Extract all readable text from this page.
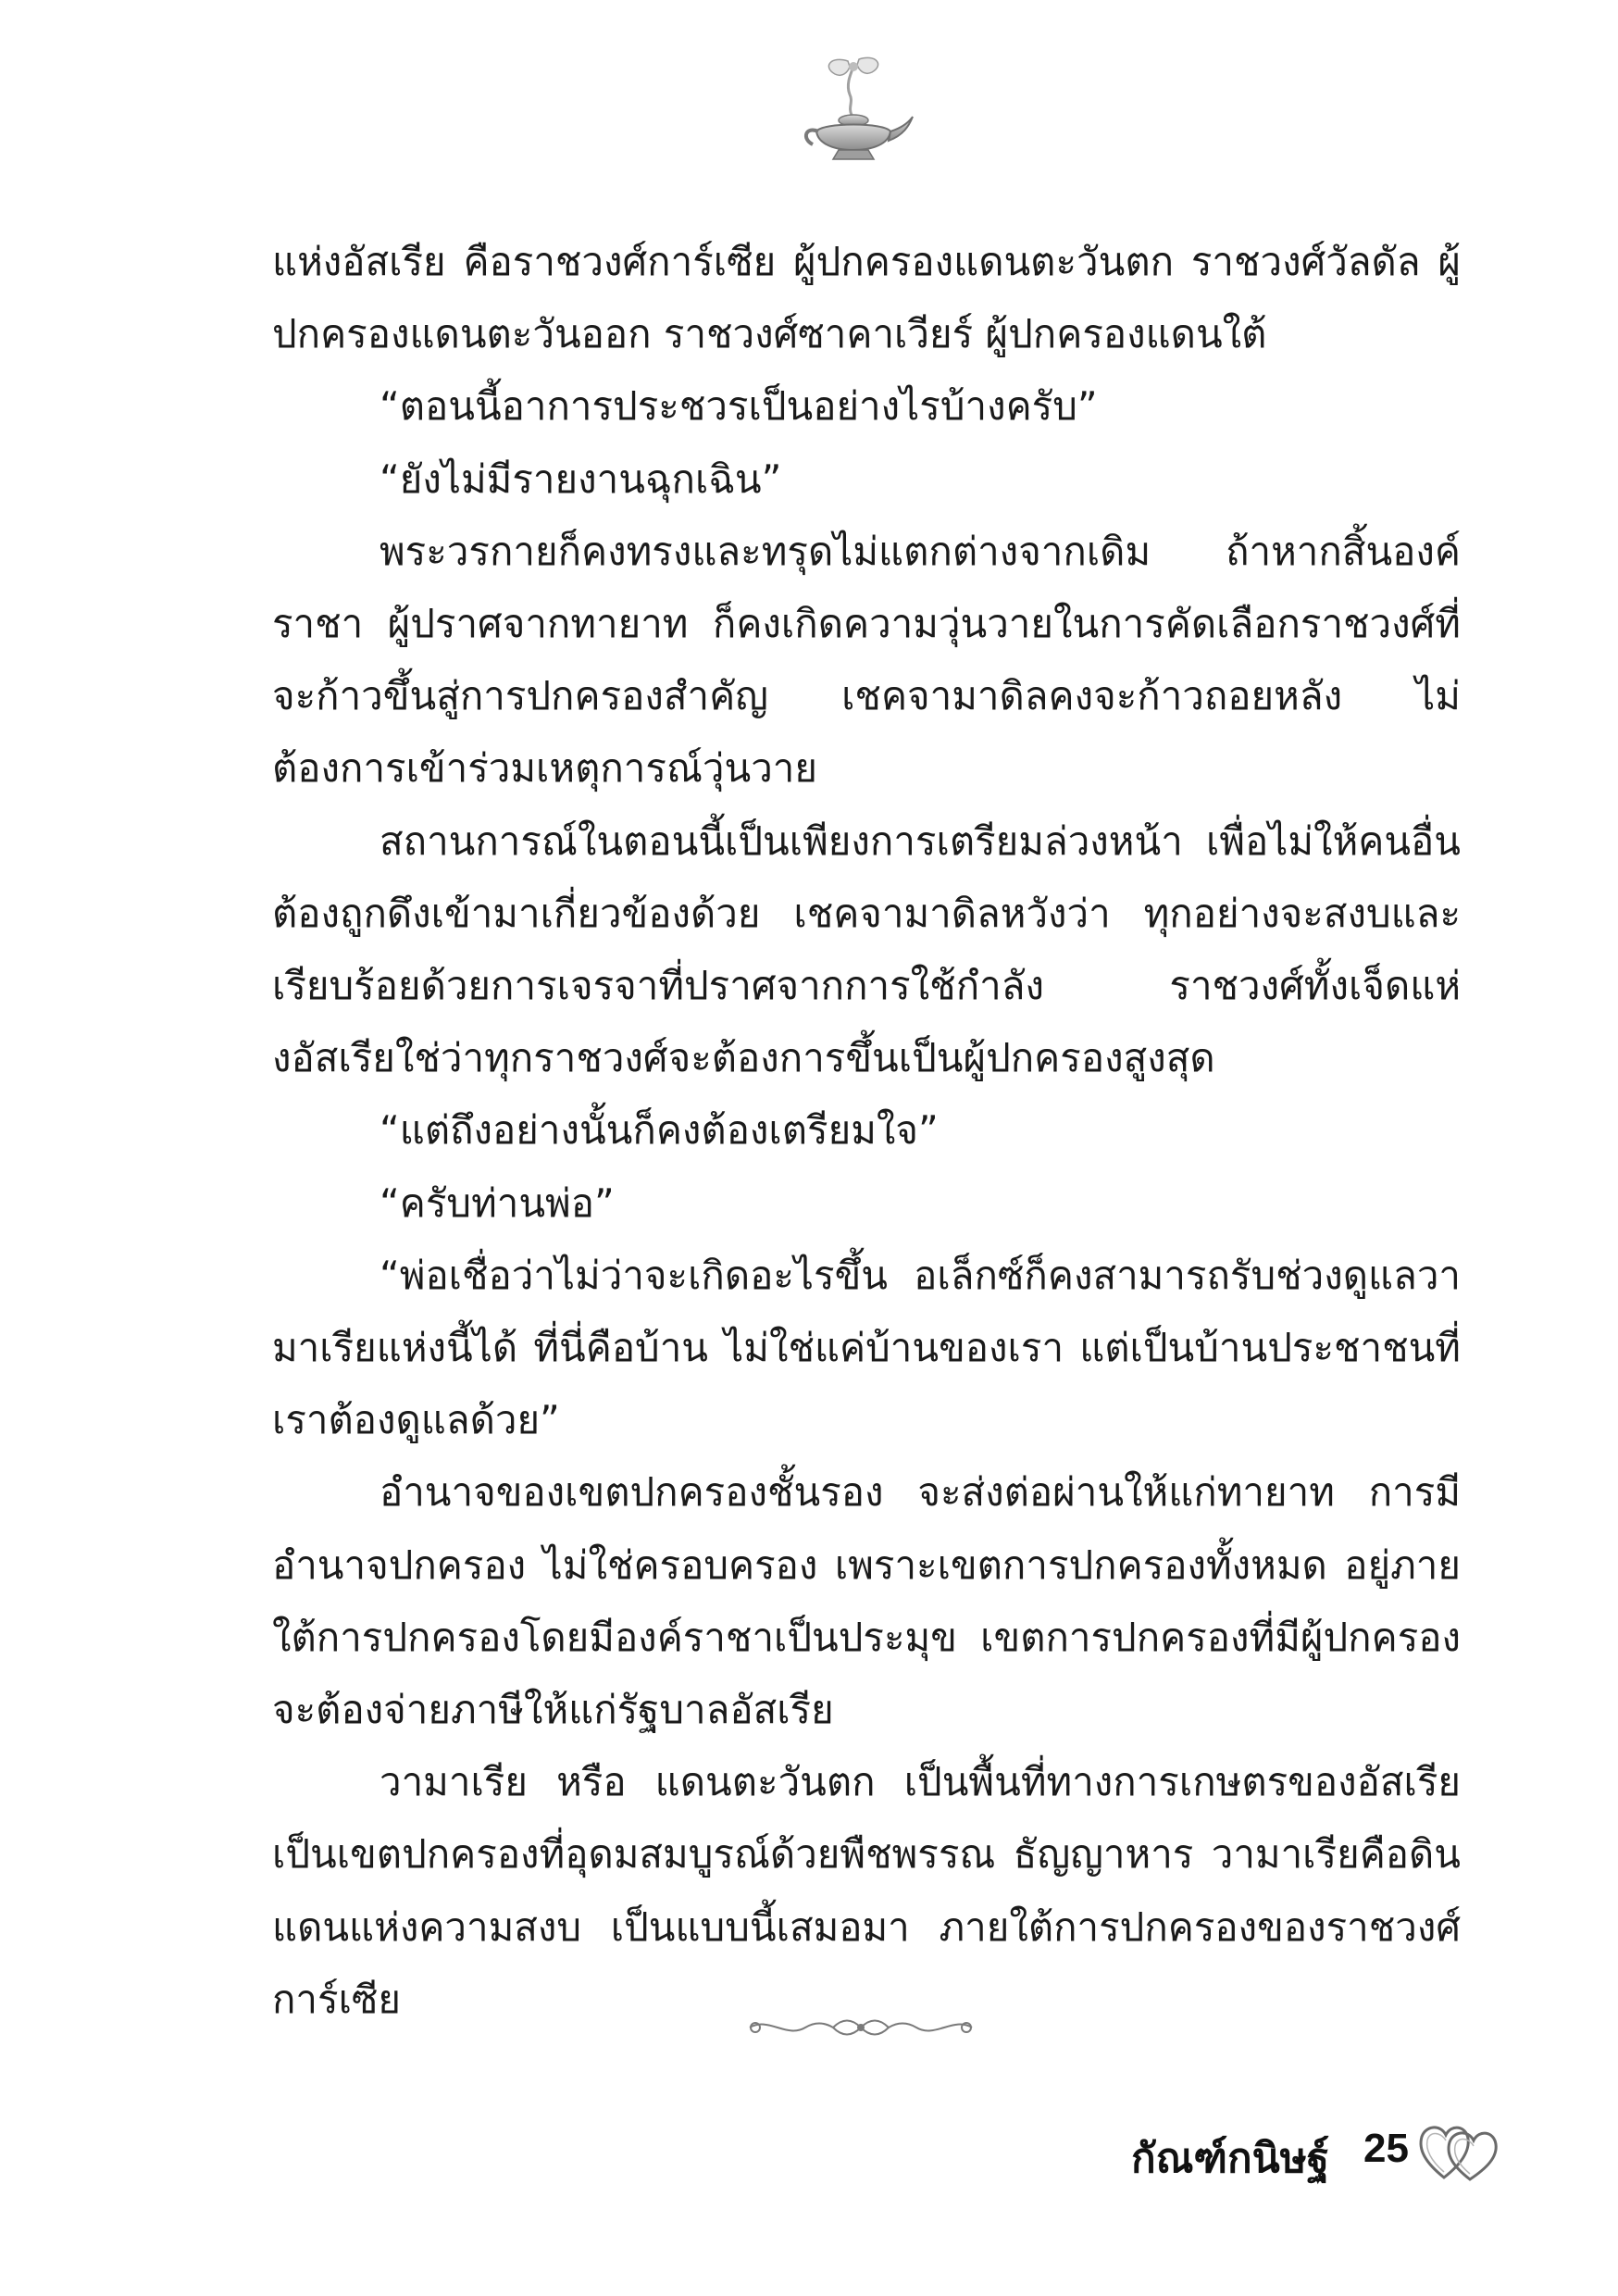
แห่งอัสเรีย คือราชวงศ์การ์เซีย ผู้ปกครองแดนตะวันตก ราชวงศ์วัลดัล ผู้ปกครองแดนตะวันออก ราชวงศ์ซาคาเวียร์ ผู้ปกครองแดนใต้

“ตอนนี้อาการประชวรเป็นอย่างไรบ้างครับ”

“ยังไม่มีรายงานฉุกเฉิน”

พระวรกายก็คงทรงและทรุดไม่แตกต่างจากเดิม ถ้าหากสิ้นองค์ราชา ผู้ปราศจากทายาท ก็คงเกิดความวุ่นวายในการคัดเลือกราชวงศ์ที่จะก้าวขึ้นสู่การปกครองสำคัญ เชคจามาดิลคงจะก้าวถอยหลัง ไม่ต้องการเข้าร่วมเหตุการณ์วุ่นวาย

สถานการณ์ในตอนนี้เป็นเพียงการเตรียมล่วงหน้า เพื่อไม่ให้คนอื่นต้องถูกดึงเข้ามาเกี่ยวข้องด้วย เชคจามาดิลหวังว่า ทุกอย่างจะสงบและเรียบร้อยด้วยการเจรจาที่ปราศจากการใช้กำลัง ราชวงศ์ทั้งเจ็ดแห่งอัสเรียใช่ว่าทุกราชวงศ์จะต้องการขึ้นเป็นผู้ปกครองสูงสุด

“แต่ถึงอย่างนั้นก็คงต้องเตรียมใจ”

“ครับท่านพ่อ”

“พ่อเชื่อว่าไม่ว่าจะเกิดอะไรขึ้น อเล็กซ์ก็คงสามารถรับช่วงดูแลวามาเรียแห่งนี้ได้ ที่นี่คือบ้าน ไม่ใช่แค่บ้านของเรา แต่เป็นบ้านประชาชนที่เราต้องดูแลด้วย”

อำนาจของเขตปกครองชั้นรอง จะส่งต่อผ่านให้แก่ทายาท การมีอำนาจปกครอง ไม่ใช่ครอบครอง เพราะเขตการปกครองทั้งหมด อยู่ภายใต้การปกครองโดยมีองค์ราชาเป็นประมุข เขตการปกครองที่มีผู้ปกครองจะต้องจ่ายภาษีให้แก่รัฐบาลอัสเรีย

วามาเรีย หรือ แดนตะวันตก เป็นพื้นที่ทางการเกษตรของอัสเรียเป็นเขตปกครองที่อุดมสมบูรณ์ด้วยพืชพรรณ ธัญญาหาร วามาเรียคือดินแดนแห่งความสงบ เป็นแบบนี้เสมอมา ภายใต้การปกครองของราชวงศ์การ์เซีย

กัณฑ์กนิษฐ์ 25
